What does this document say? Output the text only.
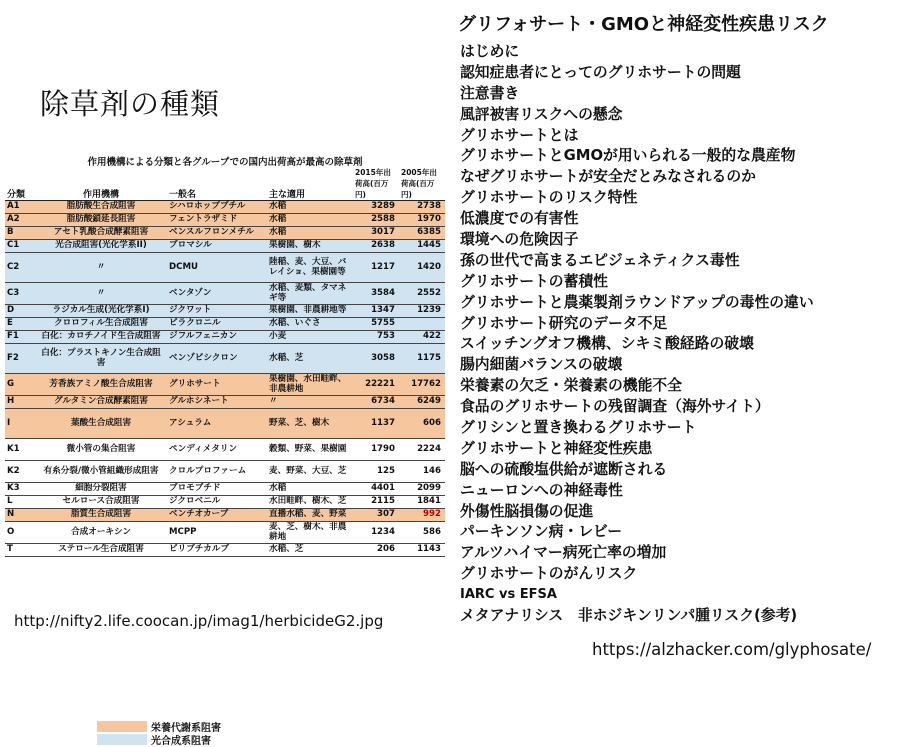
除草剤の種類
作用機構による分類と各グループでの国内出荷高が最高の除草剤
分類	作用機構	一般名	主な適用	2015年出荷高(百万円)	2005年出荷高(百万円)
A1	脂肪酸生合成阻害	シハロホップブチル	水稲	3289	2738
A2	脂肪酸鎖延長阻害	フェントラザミド	水稲	2588	1970
B	アセト乳酸合成酵素阻害	ベンスルフロンメチル	水稲	3017	6385
C1	光合成阻害(光化学系II)	ブロマシル	果樹園、樹木	2638	1445
C2	〃	DCMU	陸稲、麦、大豆、バレイショ、果樹園等	1217	1420
C3	〃	ベンタゾン	水稲、麦類、タマネギ等	3584	2552
D	ラジカル生成(光化学系I)	ジクワット	果樹園、非農耕地等	1347	1239
E	クロロフィル生合成阻害	ピラクロニル	水稲、いぐさ	5755	
F1	白化：カロチノイド生合成阻害	ジフルフェニカン	小麦	753	422
F2	白化：プラストキノン生合成阻害	ベンゾビシクロン	水稲、芝	3058	1175
G	芳香族アミノ酸生合成阻害	グリホサート	果樹園、水田畦畔、非農耕地	22221	17762
H	グルタミン合成酵素阻害	グルホシネート	〃	6734	6249
I	葉酸生合成阻害	アシュラム	野菜、芝、樹木	1137	606
K1	微小管の集合阻害	ペンディメタリン	穀類、野菜、果樹園	1790	2224
K2	有糸分裂/微小管組織形成阻害	クロルプロファーム	麦、野菜、大豆、芝	125	146
K3	細胞分裂阻害	ブロモブチド	水稲	4401	2099
L	セルロース合成阻害	ジクロベニル	水田畦畔、樹木、芝	2115	1841
N	脂質生合成阻害	ベンチオカーブ	直播水稲、麦、野菜	307	992
O	合成オーキシン	MCPP	麦、芝、樹木、非農耕地	1234	586
T	ステロール生合成阻害	ピリブチカルブ	水稲、芝	206	1143
栄養代謝系阻害
光合成系阻害
http://nifty2.life.coocan.jp/imag1/herbicideG2.jpg
グリフォサート・GMOと神経変性疾患リスク
はじめに
認知症患者にとってのグリホサートの問題
注意書き
風評被害リスクへの懸念
グリホサートとは
グリホサートとGMOが用いられる一般的な農産物
なぜグリホサートが安全だとみなされるのか
グリホサートのリスク特性
低濃度での有害性
環境への危険因子
孫の世代で高まるエピジェネティクス毒性
グリホサートの蓄積性
グリホサートと農薬製剤ラウンドアップの毒性の違い
グリホサート研究のデータ不足
スイッチングオフ機構、シキミ酸経路の破壊
腸内細菌バランスの破壊
栄養素の欠乏・栄養素の機能不全
食品のグリホサートの残留調査（海外サイト）
グリシンと置き換わるグリホサート
グリホサートと神経変性疾患
脳への硫酸塩供給が遮断される
ニューロンへの神経毒性
外傷性脳損傷の促進
パーキンソン病・レビー
アルツハイマー病死亡率の増加
グリホサートのがんリスク
IARC vs EFSA
メタアナリシス　非ホジキンリンパ腫リスク(参考)
https://alzhacker.com/glyphosate/
